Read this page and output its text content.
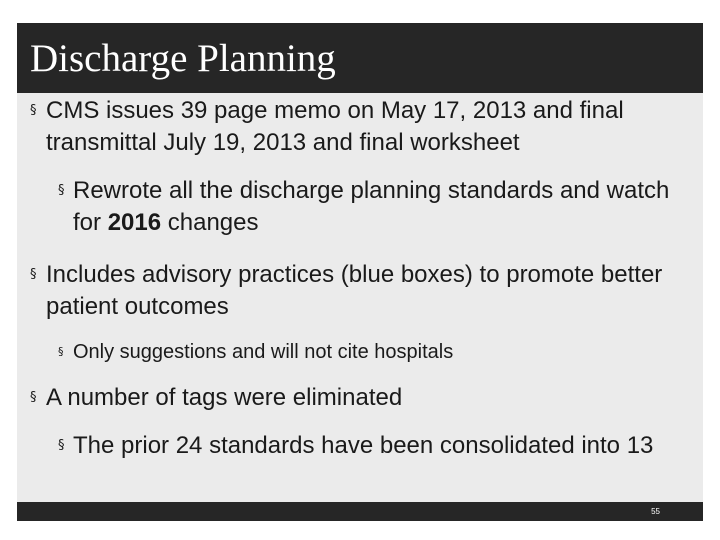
Discharge Planning
§ CMS issues 39 page memo on May 17, 2013 and final transmittal July 19, 2013 and final worksheet
§ Rewrote all the discharge planning standards and watch for 2016 changes
§ Includes advisory practices (blue boxes) to promote better patient outcomes
§ Only suggestions and will not cite hospitals
§ A number of tags were eliminated
§ The prior 24 standards have been consolidated into 13
55
